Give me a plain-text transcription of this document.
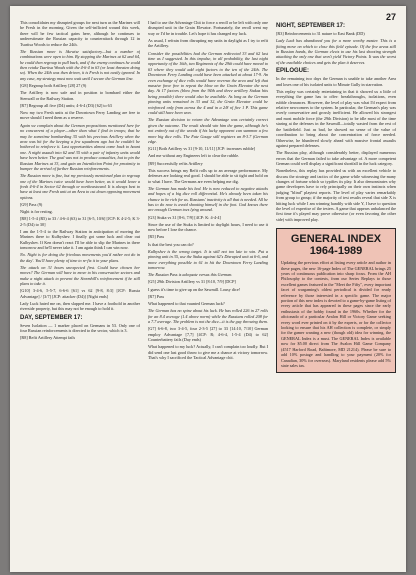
27

This consolidates my disrupted groups for next turn as the Marines will be Fresh in the morning. Given the self-inflicted wound this week, there will be few tactical gains here, although he continues to underestimate the Russian capacity to counterattack through 12 in Tsaritsa Woods to reduce the 24th.

The Russian move is likewise satisfactory—but a number of combinations were open to him. By stopping the Marines at 62 and 64, he could then regroup to pull back, and if the enemy continues he could then retake Tsaritsa Woods with the 4-6-4 in 63 (or least threaten doing so). When the 24th was then driven, it is Fresh is not easily ignored. In any case, my strategy must now wait until I secure the German line.

[G8] Regroup both Artillery [28] 27 (9)

The Artillery is now safe and in position to bombard either the Stenwall or the Railway Station.

[R7] Regroup all five (D4) units; 4-6-4 (D3) [62] to 63

Now my two Fresh units at the Downtown Ferry Landing are free to move should I need them as a reserve.

Again we complain about the German propositions mentioned here for no concurrent of a player—other than what I find in troops; that he may be sometime bombarding 35 with his precious Artillery when the area was hit for the keeping a few squadrons ago but he couldn't be bothered to reinforce it. Last opportunities almost come back to haunt one. A night assault into 62 and 35 with a pair of infantry units would have been better. The goal was not to produce casualties, but to pin the Russian Marines at 33, and gain an Interdiction Point for proximity to bumper the arrival of further Russian reinforcements.

The Russian move is fine, but my previously mentioned plan to regroup one of the Marines twice would have been better, as it would leave a fresh 4-6-4 in Sector 62 through or northeastward. It is always best to have at least one Fresh unit at an Area to cut down opposing movement options.

[G9] Pass (9)

Night is for resting.

[R8] 1-5-4 (R5) to 33 / 4-6-4 (63) to 31 [6-5, 10/6] [JCP: K 4-2-5; K 3-2-5 (D4) to 30]

I am the 1-5-4 to the Railway Station in anticipation of moving the Marines there to Kulbyshev. I finally got some luck and clear out Kulbyshev. If Ken doesn't react I'll be able to slip the Marines in there tomorrow and he'll never take it. I am again think I can win now.

No. Night is for doing the frivolous movements you'd rather not do in the day'. You'll have plenty of time to re-fix it in your plans.

The attack on 31 hours unexpected first. Could have chosen her moves? The German will have to move to his conservative sectors and make a night attack to prevent the Stormhill's reinforcement if he still plans to take it.

[G10] 3-4-6, 5-5-7, 6-6-6 [61] vs 62 [9-8, 8:3] [JCP: Russia Advantage] / [3/7] [JCP: attacker (D4)] [Night ends]

Lady Luck hated me on, then slapped me. I have a foothold in another riverside property, but this may not be enough to hold it.

DAY, SEPTEMBER 17:

Seven Isolation — 1 marker placed on Germans in 53. Only one of four Russian reinforcements is directed to the sector, which is 3.

[R8] Refit Artillery Attempt fails

I had to use the Advantage Chit to force a reroll or be left with only one disrupted unit in the Grain Elevator. Fortunately, the reroll went my way or I'd be in trouble. Let's hope it has changed my luck.

As usual, I refrain from disrupting my units in daylight as I try to refit the Artillery.

Consider the possibilities had the German redirected 33 and 62 last time as I suggested. In this impulse, in all probability, the last night opportunity of the 16th, two Regiments of the 29th could have moved to 63 where they would add eight factors to the ten of the 24th. The Downtown Ferry Landing could have been attacked at about 17-9. An even exchange of dice rolls would have overrun the area and left that massive force free to repeat the blow on the Grain Elevator the next day. At 17 factors (blow from the 94th and three artillery Stukas hits being possible) there would also be available. As long as the German pinning units remained in 33 and 32, the Grain Elevator could be reinforced only from across the 4 and in a 2/8 of five 1 P. This game could still have been won.

The Russian decision to return the Advantage was certainly correct given the outcome. The result should win him the game, although he's not entirely out of the woods if his lucky opponent can summon a few more big dice rolls. The Fate Gauge still registers an 8-3.7 (German edge.

[G11] Both Artillery vs 31 [9-10, 11/11] [JCP: increases rubble]

And me without any Engineers left to clear the rubble.

[R9] Successfully refits Artillery

This success brings my Refit rolls up to an average performance. My defenses are looking real good. I should be able to sit tight and hold on to what I have. The Germans are even helping me dig.

The German has made his bed. He is now reduced to negative attacks and hopes of a big dice roll differential. He's already been taken his chance to be rich for us. Russians' inactivity is all that is needed. All he has to do now is avoid shooting himself in the foot. God knows there are enough German toes lying around.

[G3] Stuka vs 31 [8-6, 7/9] [4CP: K: 4-4-4]

Since the use of the Stuka is limited to daylight hours, I need to use it now before I lose the chance.

[R5] Pass

Is that the best you can do?

Kulbyshev is the wrong target. It is still not too late to win. Put a pinning unit in 35, use the Stuka against 62's Disrupted unit at 6-6, and move everything possible to 61 to hit the Downtown Ferry Landing tomorrow.

The Russian Pass is adequate versus this German.

[G5] 29th Division Artillery vs 31 [8:10, 7/9] [DCP]

I guess it's time to give up on the Sawmill. Lousy dice!

[R7] Pass

What happened to that vaunted German luck?

The German has no spine about his luck. He has rolled 226 in 27 rolls for an 8.4 average (1.4 above norm) while the Russians rolled 208 for a 7.7 average. The problem is not the dice—it is the guy throwing them.

[G7] 6-6-8, two 3-4-5, four 2-3-5 [27] to 33 [14:10, 7/10] German employ Advantage [7,7] [4CP: R; 4-6-4, 1-5-4 (D4) to 62] Counterbattery fails (Day ends)

What happened to my luck? Actually, I can't complain too loudly. But I did send one last good throw to give me a chance at victory tomorrow. That's why I sacrificed the Tactical Advantage chit.

NIGHT, SEPTEMBER 17:

[R3] Reinforcements to 31 nature to East Bank (DD)

Lady Luck has abandoned you for a more worthy master. This is a fitting move on which to close this field episode. Of the five areas still in Russian hands, the German elects to use his last shooting strength attacking the only one that won't yield Victory Points. It was the worst of the available choices and gets the plan it deserves.

EPILOGUE:

In the remaining two days the German is unable to take another Area and loses one of his isolated units to Minute Gully in starvation.

This replay was certainly entertaining in that it showed us a little of everything the game has to offer: breakthroughs, isolations, even rubble clearances. However, the level of play was what I'd expect from relative newcomers to the system. In particular, the German's play was overly conservative and grossly inefficient. He allowed his strongest and most mobile force (the 29th Division) to be idle most of the time staring at the defenses in the Sawmill—totally wasted from the rest of the battlefield. Just as bad, he showed no sense of the value of coordination to bring about the concentration of force needed. Otherwise, he blundered slowly ahead with massive frontal assaults against prepared defenses.

The Russian play, although considerably better, displayed numerous errors that the German failed to take advantage of. A more competent German could well display a significant shortfall in the luck category.

Nonetheless, this replay has provided us with an excellent vehicle to discuss the strategy and tactics of the game while witnessing the many changes of fortune which so typifies its play. It also demonstrates why game developers have to rely principally on their own instincts when judging "blind" playtest reports. The level of play varies remarkably from group to group; if the majority of test results reveal that side X is hitting luck while I am winning handily with side Y, I have to question the level of expertise of the testers. A game that appears unbalanced the first time it's played may prove otherwise (or even favoring the other side) with improved play.

GENERAL INDEX
1964-1989
Updating the previous effort at listing every article and author in these pages, the new 16-page Index of The GENERAL brings 25 years of continuous publication into sharp focus. From the AH Philosophy to the contests, from our Series Replays to those excellent games featured in the "Meet the Fifty", every important facet of wargaming's oldest periodical is divided for ready reference by those interested in a specific game. The major portion of this new index is devoted to a game-by-game listing of every article that has appeared in these pages since the early enthusiasts of the hobby found in the 1960s. Whether for the aficionado of a particular Avalon Hill or Victory Game seeking every word ever printed on it by the experts, or for the collector looking to ensure that his AH collection is complete, or simply for the gamer wanting a new (though old) idea for winning, the GENERAL Index is a must. The GENERAL Index is available now for $5.00 direct from The Avalon Hill Game Company (4517 Harford Road, Baltimore, MD 21214). Please be sure to add 10% postage and handling to your payment (20% for Canadian, 30% for overseas). Maryland residents please add 5% state sales tax.
